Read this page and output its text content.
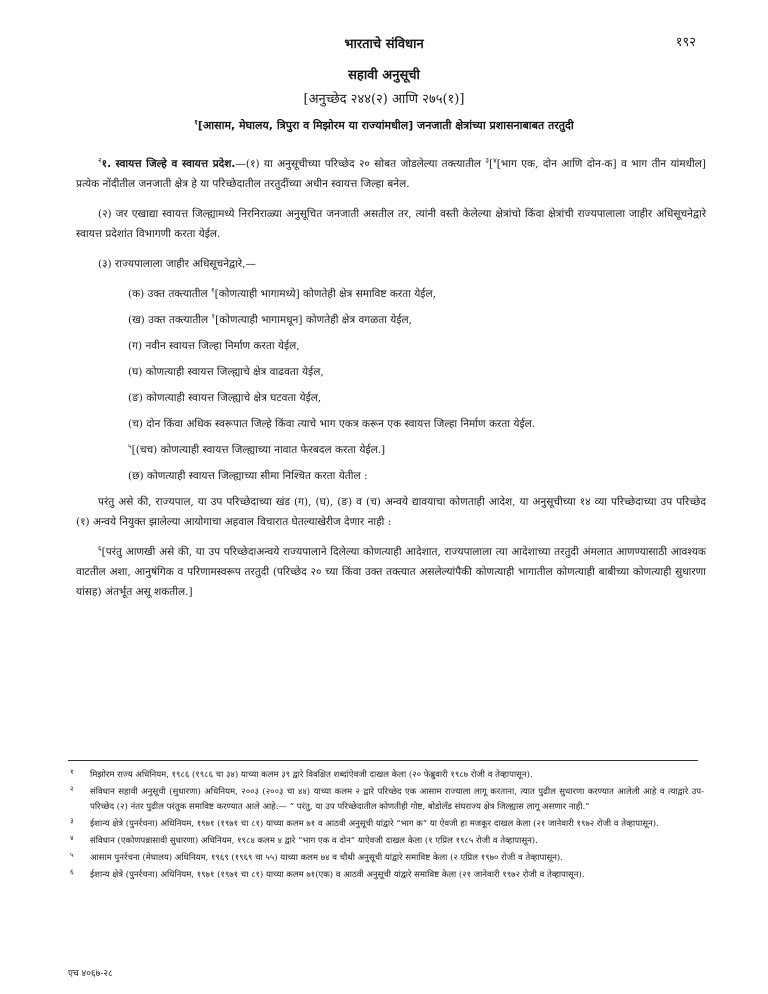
भारताचे संविधान	१९२
सहावी अनुसूची
[अनुच्छेद २४४(२) आणि २७५(१)]
$^१$[आसाम, मेघालय, त्रिपुरा व मिझोरम या राज्यांमधील] जनजाती क्षेत्रांच्या प्रशासनाबाबत तरतुदी

$^२$१. स्वायत्त जिल्हे व स्वायत्त प्रदेश.—(१) या अनुसूचीच्या परिच्छेद २० सोबत जोडलेल्या तक्त्यातील $^३$[$^४$[भाग एक, दोन आणि दोन-क] व भाग तीन यांमधील] प्रत्येक नोंदीतील जनजाती क्षेत्र हे या परिच्छेदातील तरतुदींच्या अधीन स्वायत्त जिल्हा बनेल.

(२) जर एखाद्या स्वायत्त जिल्ह्यामध्ये निरनिराळ्या अनुसूचित जनजाती असतील तर, त्यांनी वस्ती केलेल्या क्षेत्रांचो किंवा क्षेत्रांची राज्यपालाला जाहीर अधिसूचनेद्वारे स्वायत्त प्रदेशांत विभागणी करता येईल.

(३) राज्यपालाला जाहीर अधिसूचनेद्वारे,—

(क) उक्त तक्त्यातील $^१$[कोणत्याही भागामध्ये] कोणतेही क्षेत्र समाविष्ट करता येईल,
(ख) उक्त तक्त्यातील $^१$[कोणत्याही भागामधून] कोणतेही क्षेत्र वगळता येईल,
(ग) नवीन स्वायत्त जिल्हा निर्माण करता येईल,
(घ) कोणत्याही स्वायत्त जिल्ह्याचे क्षेत्र वाढवता येईल,
(ङ) कोणत्याही स्वायत्त जिल्ह्याचे क्षेत्र घटवता येईल,
(च) दोन किंवा अधिक स्वरूपात जिल्हे किंवा त्याचे भाग एकत्र करून एक स्वायत्त जिल्हा निर्माण करता येईल.
$^५$[(चच) कोणत्याही स्वायत्त जिल्ह्याच्या नावात फेरबदल करता येईल.]
(छ) कोणत्याही स्वायत्त जिल्ह्याच्या सीमा निश्चित करता येतील :

परंतु असे की, राज्यपाल, या उप परिच्छेदाच्या खंड (ग), (घ), (ङ) व (च) अन्वये द्यावयाचा कोणताही आदेश, या अनुसूचीच्या १४ व्या परिच्छेदाच्या उप परिच्छेद (१) अन्वये नियुक्त झालेल्या आयोगाचा अहवाल विचारात घेतल्याखेरीज देणार नाही :

$^६$[परंतु आणखी असे की, या उप परिच्छेदाअन्वये राज्यपालाने दिलेल्या कोणत्याही आदेशात, राज्यपालाला त्या आदेशाच्या तरतुदी अंमलात आणण्यासाठी आवश्यक वाटतील अशा, आनुषंगिक व परिणामस्वरूप तरतुदी (परिच्छेद २० च्या किंवा उक्त तक्त्यात असलेल्यांपैकी कोणत्याही भागातील कोणत्याही बाबीच्या कोणत्याही सुधारणा यांसह) अंतर्भूत असू शकतील.]

१ मिझोरम राज्य अधिनियम, १९८६ (१९८६ चा ३४) याच्या कलम ३९ द्वारे विवक्षित शब्दांऐवजी दाखल केला (२० फेब्रुवारी १९८७ रोजी व तेव्हापासून).
२ संविधान सहावी अनुसूची (सुधारणा) अधिनियम, २००३ (२००३ चा ४४) याच्या कलम २ द्वारे परिच्छेद एक आसाम राज्याला लागू करताना, त्यात पुढील सुधारणा करण्यात आलेली आहे व त्याद्वारे उप-परिच्छेद (२) नंतर पुढील परंतुक समाविष्ट करण्यात आले आहे:— “ परंतु, या उप परिच्छेदातील कोणतीही गोष्ट, बोडोलँड संघराज्य क्षेत्र जिल्ह्यास लागू असणार नाही.”
३ ईशान्य क्षेत्रे (पुनर्रचना) अधिनियम, १९७१ (१९७१ चा ८१) याच्या कलम ७१ व आठवी अनुसूची यांद्वारे “भाग क” या ऐवजी हा मजकूर दाखल केला (२१ जानेवारी १९७२ रोजी व तेव्हापासून).
४ संविधान (एकोणपन्नासावी सुधारणा) अधिनियम, १९८४ कलम ४ द्वारे “भाग एक व दोन” याऐवजी दाखल केला (१ एप्रिल १९८५ रोजी व तेव्हापासून).
५ आसाम पुनर्रचना (मेघालय) अधिनियम, १९६९ (१९६९ चा ५५) याच्या कलम ७४ व चौथी अनुसूची यांद्वारे समाविष्ट केला (२ एप्रिल १९७० रोजी व तेव्हापासून).
६ ईशान्य क्षेत्रे (पुनर्रचना) अधिनियम, १९७१ (१९७१ चा ८१) याच्या कलम ७१(एक) व आठवी अनुसूची यांद्वारे समाविष्ट केला (२१ जानेवारी १९७२ रोजी व तेव्हापासून).
एच ४०६७-२८
